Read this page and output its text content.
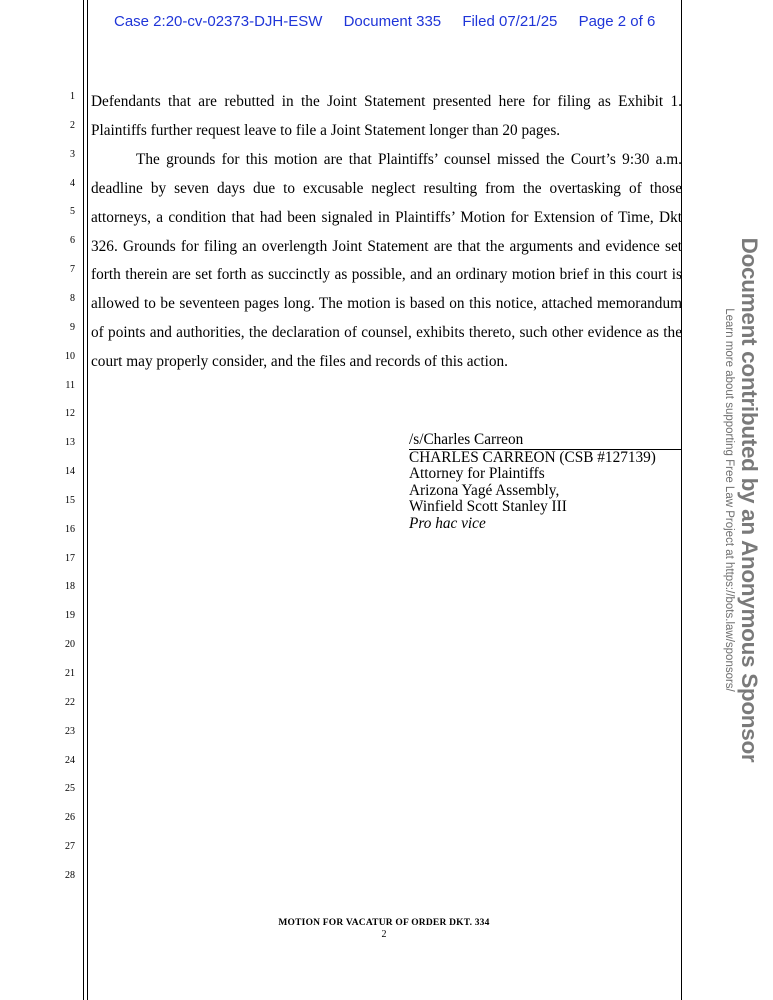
Case 2:20-cv-02373-DJH-ESW Document 335 Filed 07/21/25 Page 2 of 6
1
2
3
4
5
6
7
8
9
10
11
12
13
14
15
16
17
18
19
20
21
22
23
24
25
26
27
28

Defendants that are rebutted in the Joint Statement presented here for filing as Exhibit 1. Plaintiffs further request leave to file a Joint Statement longer than 20 pages.

The grounds for this motion are that Plaintiffs’ counsel missed the Court’s 9:30 a.m. deadline by seven days due to excusable neglect resulting from the overtasking of those attorneys, a condition that had been signaled in Plaintiffs’ Motion for Extension of Time, Dkt 326. Grounds for filing an overlength Joint Statement are that the arguments and evidence set forth therein are set forth as succinctly as possible, and an ordinary motion brief in this court is allowed to be seventeen pages long. The motion is based on this notice, attached memorandum of points and authorities, the declaration of counsel, exhibits thereto, such other evidence as the court may properly consider, and the files and records of this action.

/s/Charles Carreon
CHARLES CARREON (CSB #127139)
Attorney for Plaintiffs
Arizona Yagé Assembly,
Winfield Scott Stanley III
Pro hac vice
MOTION FOR VACATUR OF ORDER DKT. 334
2
Document contributed by an Anonymous Sponsor
Learn more about supporting Free Law Project at https://bots.law/sponsors/
